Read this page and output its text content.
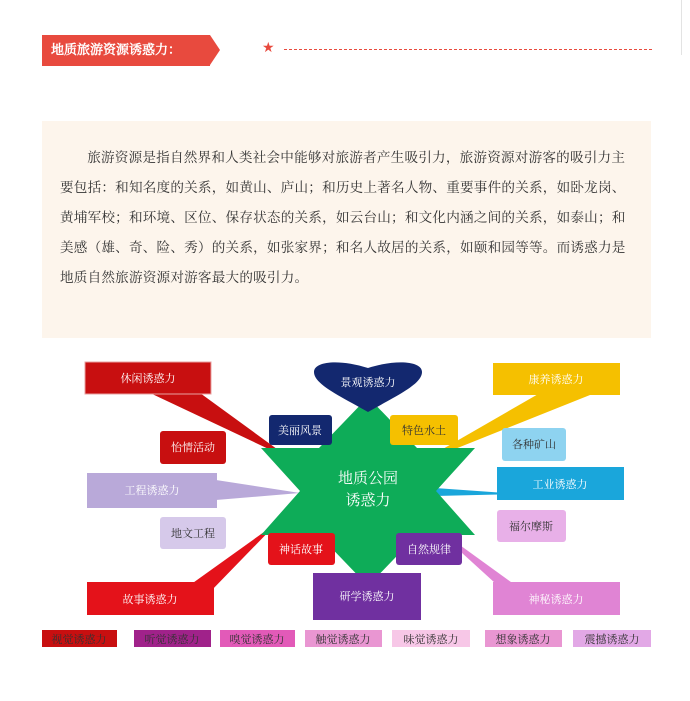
地质旅游资源诱惑力：	★
旅游资源是指自然界和人类社会中能够对旅游者产生吸引力，旅游资源对游客的吸引力主要包括：和知名度的关系，如黄山、庐山；和历史上著名人物、重要事件的关系，如卧龙岗、黄埔军校；和环境、区位、保存状态的关系，如云台山；和文化内涵之间的关系，如泰山；和美感（雄、奇、险、秀）的关系，如张家界；和名人故居的关系，如颐和园等等。而诱惑力是地质自然旅游资源对游客最大的吸引力。
地质公园
诱惑力
景观诱惑力
休闲诱惑力	康养诱惑力
工程诱惑力	工业诱惑力
故事诱惑力	研学诱惑力	神秘诱惑力
美丽风景	特色水土
怡情活动	各种矿山
地文工程
福尔摩斯
神话故事	自然规律
视觉诱惑力	听觉诱惑力	嗅觉诱惑力	触觉诱惑力	味觉诱惑力	想象诱惑力	震撼诱惑力
